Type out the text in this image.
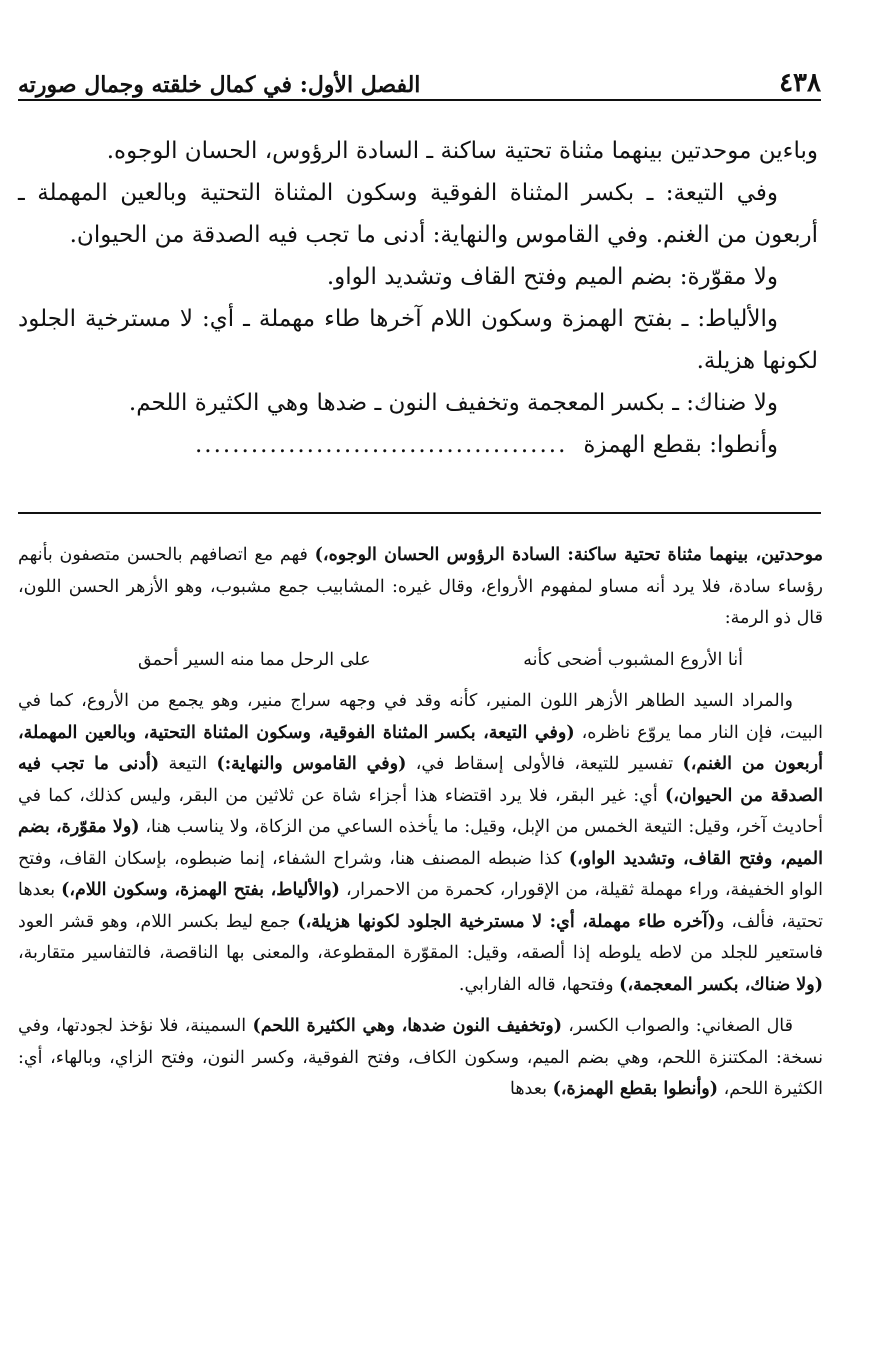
٤٣٨
الفصل الأول: في كمال خلقته وجمال صورته

وباءين موحدتين بينهما مثناة تحتية ساكنة ـ السادة الرؤوس، الحسان الوجوه.

وفي التيعة: ـ بكسر المثناة الفوقية وسكون المثناة التحتية وبالعين المهملة ـ أربعون من الغنم. وفي القاموس والنهاية: أدنى ما تجب فيه الصدقة من الحيوان.

ولا مقوّرة: بضم الميم وفتح القاف وتشديد الواو.

والألياط: ـ بفتح الهمزة وسكون اللام آخرها طاء مهملة ـ أي: لا مسترخية الجلود لكونها هزيلة.

ولا ضناك: ـ بكسر المعجمة وتخفيف النون ـ ضدها وهي الكثيرة اللحم.

وأنطوا: بقطع الهمزة........................................

موحدتين، بينهما مثناة تحتية ساكنة: السادة الرؤوس الحسان الوجوه،) فهم مع اتصافهم بالحسن متصفون بأنهم رؤساء سادة، فلا يرد أنه مساو لمفهوم الأرواع، وقال غيره: المشابيب جمع مشبوب، وهو الأزهر الحسن اللون، قال ذو الرمة:

أنا الأروع المشبوب أضحى كأنه
على الرحل مما منه السير أحمق

والمراد السيد الطاهر الأزهر اللون المنير، كأنه وقد في وجهه سراج منير، وهو يجمع من الأروع، كما في البيت، فإن النار مما يروّع ناظره، (وفي التيعة، بكسر المثناة الفوقية، وسكون المثناة التحتية، وبالعين المهملة، أربعون من الغنم،) تفسير للتيعة، فالأولى إسقاط في، (وفي القاموس والنهاية:) التيعة (أدنى ما تجب فيه الصدقة من الحيوان،) أي: غير البقر، فلا يرد اقتضاء هذا أجزاء شاة عن ثلاثين من البقر، وليس كذلك، كما في أحاديث آخر، وقيل: التيعة الخمس من الإبل، وقيل: ما يأخذه الساعي من الزكاة، ولا يناسب هنا، (ولا مقوّرة، بضم الميم، وفتح القاف، وتشديد الواو،) كذا ضبطه المصنف هنا، وشراح الشفاء، إنما ضبطوه، بإسكان القاف، وفتح الواو الخفيفة، وراء مهملة ثقيلة، من الإقورار، كحمرة من الاحمرار، (والألياط، بفتح الهمزة، وسكون اللام،) بعدها تحتية، فألف، و(آخره طاء مهملة، أي: لا مسترخية الجلود لكونها هزيلة،) جمع ليط بكسر اللام، وهو قشر العود فاستعير للجلد من لاطه يلوطه إذا ألصقه، وقيل: المقوّرة المقطوعة، والمعنى بها الناقصة، فالتفاسير متقاربة، (ولا ضناك، بكسر المعجمة،) وفتحها، قاله الفارابي.

قال الصغاني: والصواب الكسر، (وتخفيف النون ضدها، وهي الكثيرة اللحم) السمينة، فلا نؤخذ لجودتها، وفي نسخة: المكتنزة اللحم، وهي بضم الميم، وسكون الكاف، وفتح الفوقية، وكسر النون، وفتح الزاي، وبالهاء، أي: الكثيرة اللحم، (وأنطوا بقطع الهمزة،) بعدها
